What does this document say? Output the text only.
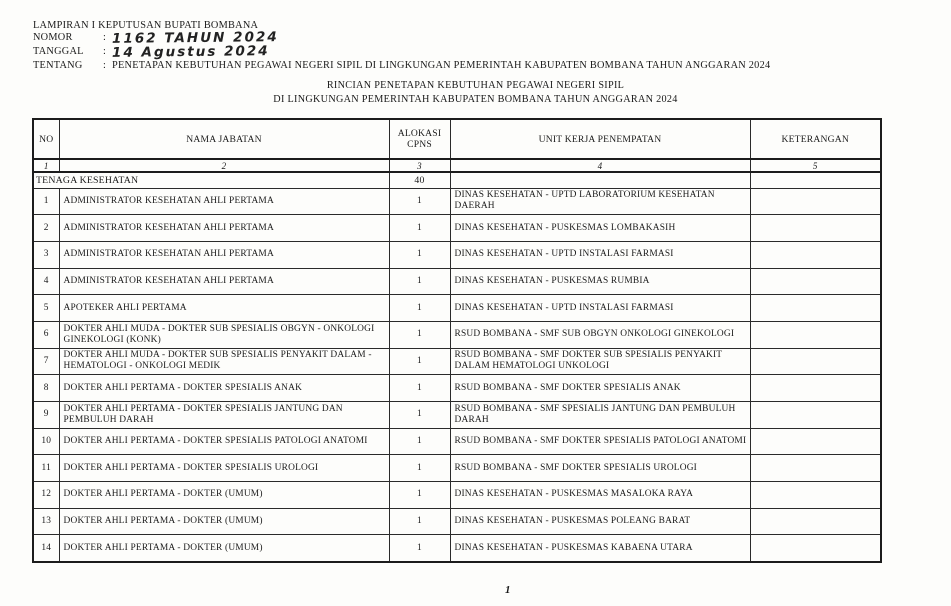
LAMPIRAN I KEPUTUSAN BUPATI BOMBANA
NOMOR	: 1162 TAHUN 2024
TANGGAL	: 14 Agustus 2024
TENTANG	: PENETAPAN KEBUTUHAN PEGAWAI NEGERI SIPIL DI LINGKUNGAN PEMERINTAH KABUPATEN BOMBANA TAHUN ANGGARAN 2024
RINCIAN PENETAPAN KEBUTUHAN PEGAWAI NEGERI SIPIL
DI LINGKUNGAN PEMERINTAH KABUPATEN BOMBANA TAHUN ANGGARAN 2024
NO	NAMA JABATAN	ALOKASI CPNS	UNIT KERJA PENEMPATAN	KETERANGAN
1	2	3	4	5
TENAGA KESEHATAN		40		
1	ADMINISTRATOR KESEHATAN AHLI PERTAMA	1	DINAS KESEHATAN - UPTD LABORATORIUM KESEHATAN DAERAH	
2	ADMINISTRATOR KESEHATAN AHLI PERTAMA	1	DINAS KESEHATAN - PUSKESMAS LOMBAKASIH	
3	ADMINISTRATOR KESEHATAN AHLI PERTAMA	1	DINAS KESEHATAN - UPTD INSTALASI FARMASI	
4	ADMINISTRATOR KESEHATAN AHLI PERTAMA	1	DINAS KESEHATAN - PUSKESMAS RUMBIA	
5	APOTEKER AHLI PERTAMA	1	DINAS KESEHATAN - UPTD INSTALASI FARMASI	
6	DOKTER AHLI MUDA - DOKTER SUB SPESIALIS OBGYN - ONKOLOGI GINEKOLOGI (KONK)	1	RSUD BOMBANA - SMF SUB OBGYN ONKOLOGI GINEKOLOGI	
7	DOKTER AHLI MUDA - DOKTER SUB SPESIALIS PENYAKIT DALAM - HEMATOLOGI - ONKOLOGI MEDIK	1	RSUD BOMBANA - SMF DOKTER SUB SPESIALIS PENYAKIT DALAM HEMATOLOGI UNKOLOGI	
8	DOKTER AHLI PERTAMA - DOKTER SPESIALIS ANAK	1	RSUD BOMBANA - SMF DOKTER SPESIALIS ANAK	
9	DOKTER AHLI PERTAMA - DOKTER SPESIALIS JANTUNG DAN PEMBULUH DARAH	1	RSUD BOMBANA - SMF SPESIALIS JANTUNG DAN PEMBULUH DARAH	
10	DOKTER AHLI PERTAMA - DOKTER SPESIALIS PATOLOGI ANATOMI	1	RSUD BOMBANA - SMF DOKTER SPESIALIS PATOLOGI ANATOMI	
11	DOKTER AHLI PERTAMA - DOKTER SPESIALIS UROLOGI	1	RSUD BOMBANA - SMF DOKTER SPESIALIS UROLOGI	
12	DOKTER AHLI PERTAMA - DOKTER (UMUM)	1	DINAS KESEHATAN - PUSKESMAS MASALOKA RAYA	
13	DOKTER AHLI PERTAMA - DOKTER (UMUM)	1	DINAS KESEHATAN - PUSKESMAS POLEANG BARAT	
14	DOKTER AHLI PERTAMA - DOKTER (UMUM)	1	DINAS KESEHATAN - PUSKESMAS KABAENA UTARA	
1
